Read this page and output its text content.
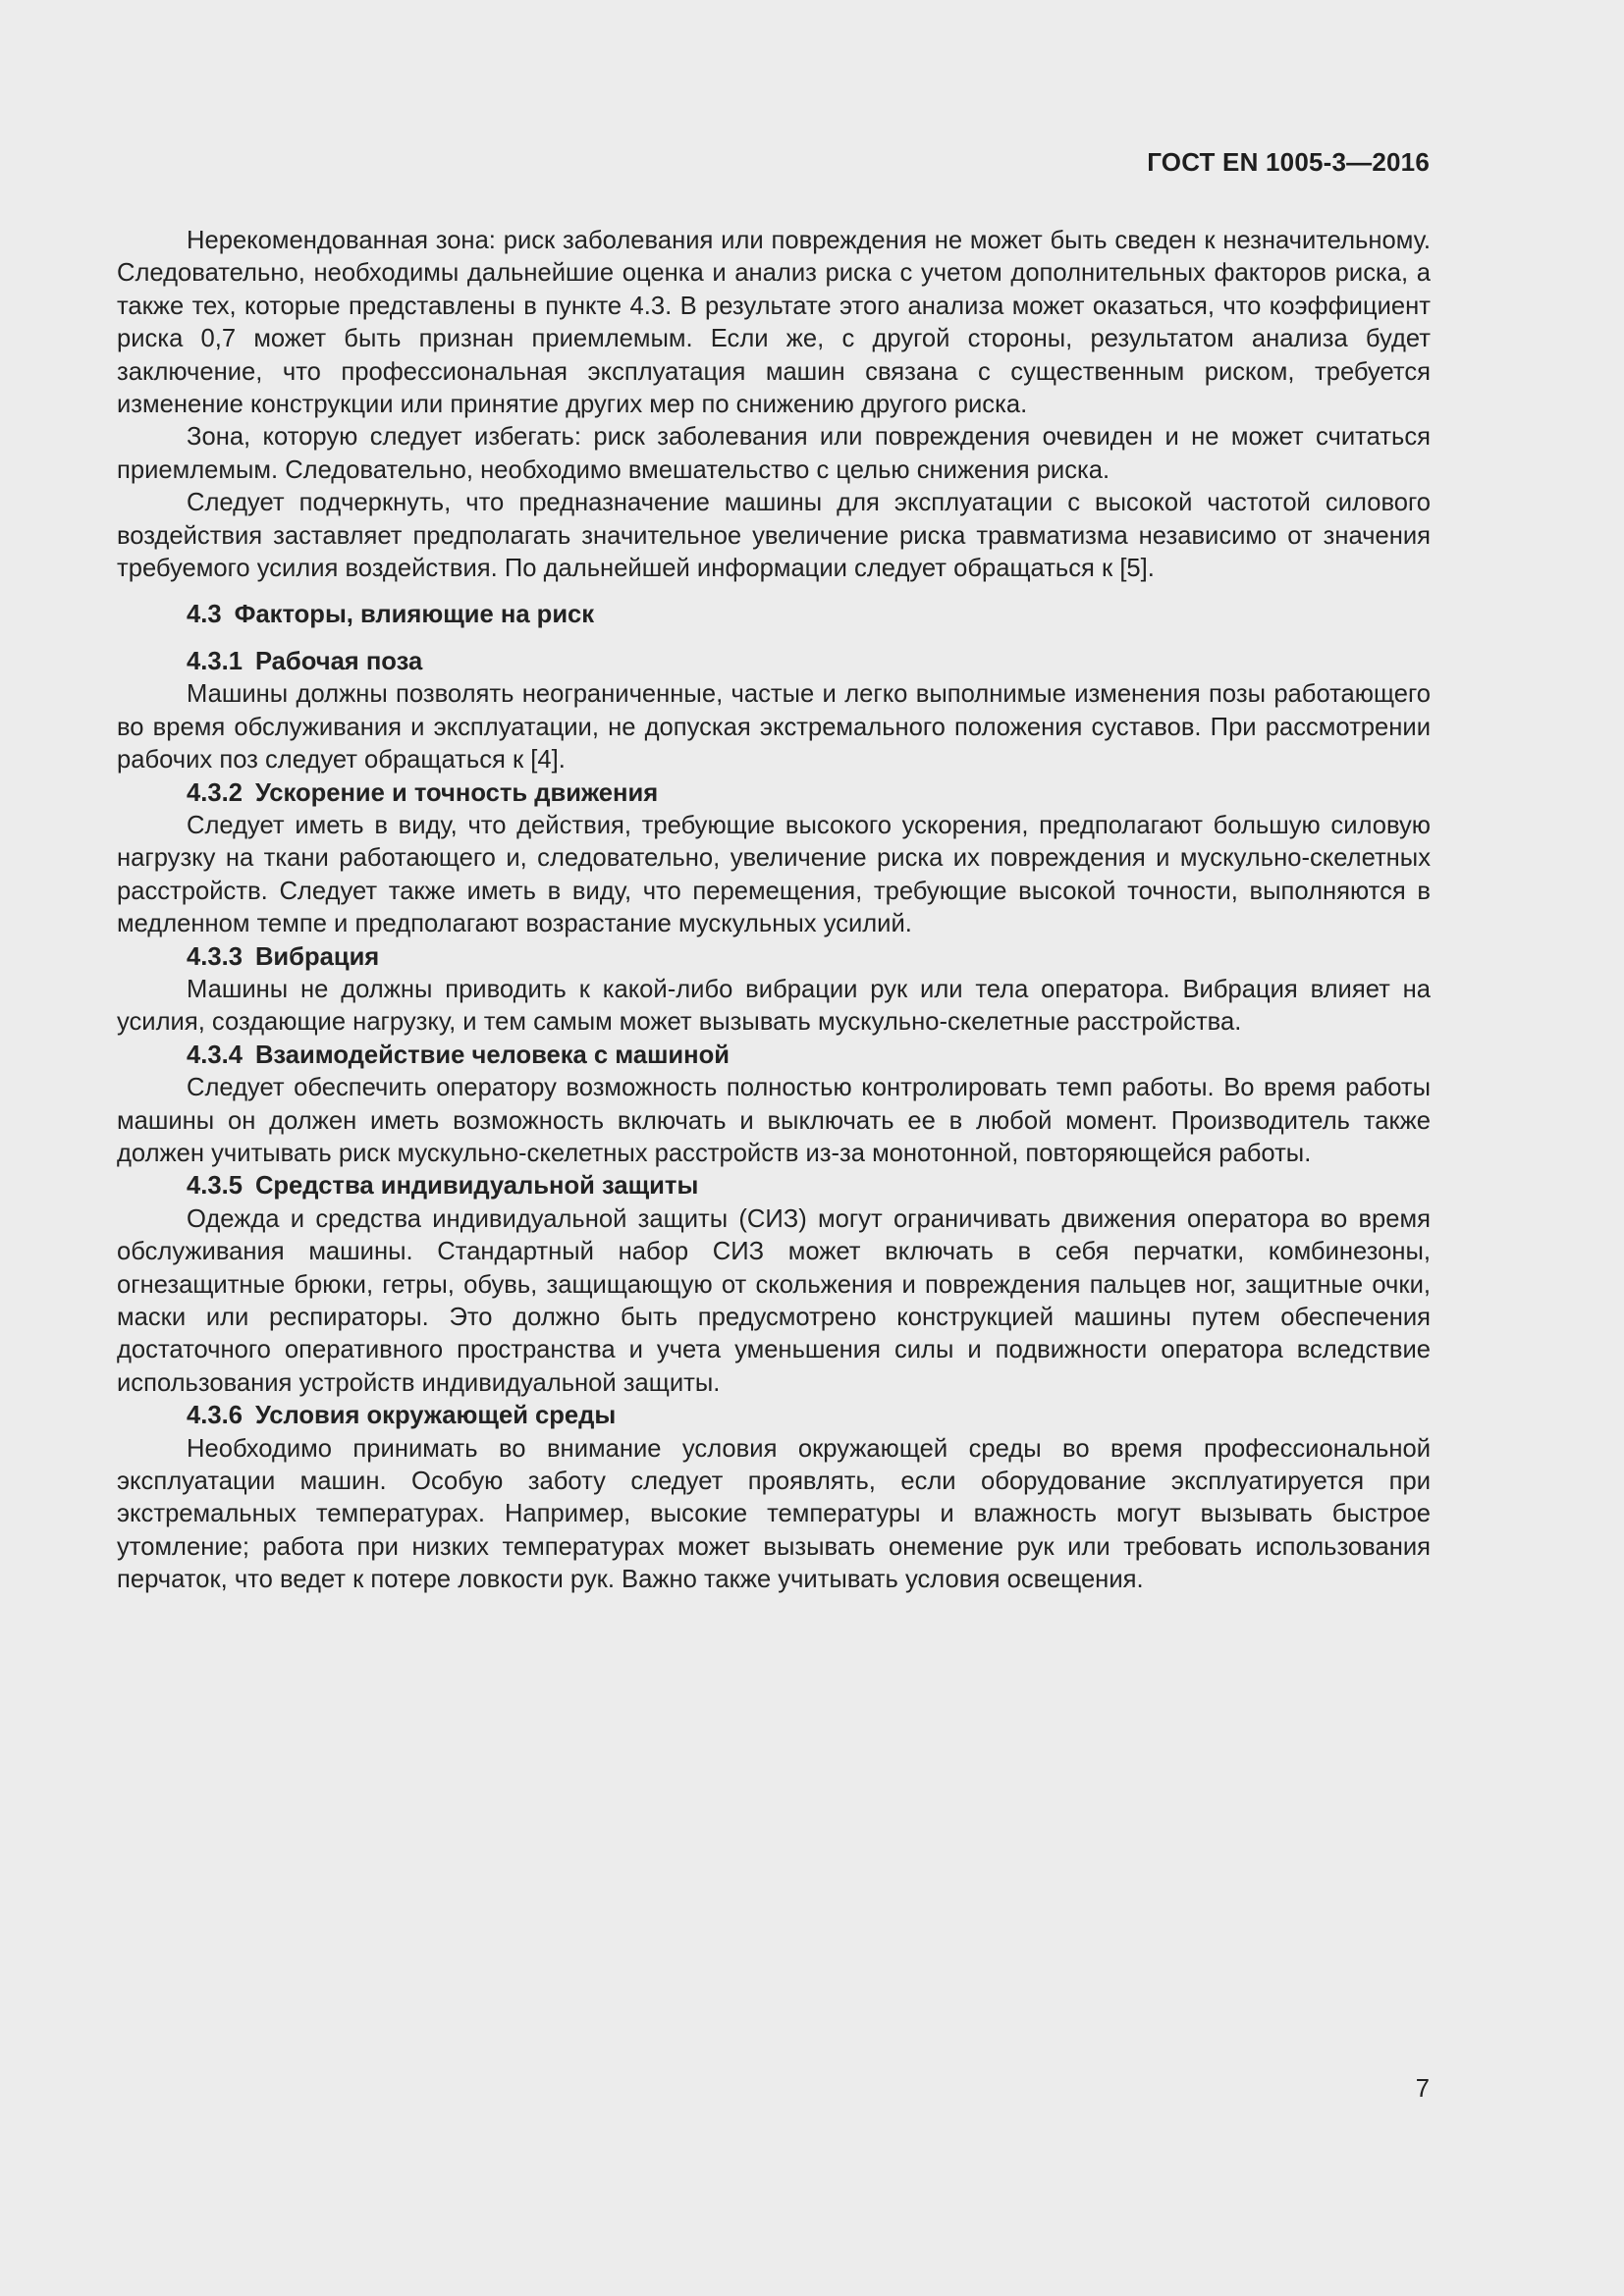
ГОСТ EN 1005-3—2016

Нерекомендованная зона: риск заболевания или повреждения не может быть сведен к незначительному. Следовательно, необходимы дальнейшие оценка и анализ риска с учетом дополнительных факторов риска, а также тех, которые представлены в пункте 4.3. В результате этого анализа может оказаться, что коэффициент риска 0,7 может быть признан приемлемым. Если же, с другой стороны, результатом анализа будет заключение, что профессиональная эксплуатация машин связана с существенным риском, требуется изменение конструкции или принятие других мер по снижению другого риска.

Зона, которую следует избегать: риск заболевания или повреждения очевиден и не может считаться приемлемым. Следовательно, необходимо вмешательство с целью снижения риска.

Следует подчеркнуть, что предназначение машины для эксплуатации с высокой частотой силового воздействия заставляет предполагать значительное увеличение риска травматизма независимо от значения требуемого усилия воздействия. По дальнейшей информации следует обращаться к [5].

4.3 Факторы, влияющие на риск
4.3.1 Рабочая поза

Машины должны позволять неограниченные, частые и легко выполнимые изменения позы работающего во время обслуживания и эксплуатации, не допуская экстремального положения суставов. При рассмотрении рабочих поз следует обращаться к [4].

4.3.2 Ускорение и точность движения

Следует иметь в виду, что действия, требующие высокого ускорения, предполагают большую силовую нагрузку на ткани работающего и, следовательно, увеличение риска их повреждения и мускульно-скелетных расстройств. Следует также иметь в виду, что перемещения, требующие высокой точности, выполняются в медленном темпе и предполагают возрастание мускульных усилий.

4.3.3 Вибрация

Машины не должны приводить к какой-либо вибрации рук или тела оператора. Вибрация влияет на усилия, создающие нагрузку, и тем самым может вызывать мускульно-скелетные расстройства.

4.3.4 Взаимодействие человека с машиной

Следует обеспечить оператору возможность полностью контролировать темп работы. Во время работы машины он должен иметь возможность включать и выключать ее в любой момент. Производитель также должен учитывать риск мускульно-скелетных расстройств из-за монотонной, повторяющейся работы.

4.3.5 Средства индивидуальной защиты

Одежда и средства индивидуальной защиты (СИЗ) могут ограничивать движения оператора во время обслуживания машины. Стандартный набор СИЗ может включать в себя перчатки, комбинезоны, огнезащитные брюки, гетры, обувь, защищающую от скольжения и повреждения пальцев ног, защитные очки, маски или респираторы. Это должно быть предусмотрено конструкцией машины путем обеспечения достаточного оперативного пространства и учета уменьшения силы и подвижности оператора вследствие использования устройств индивидуальной защиты.

4.3.6 Условия окружающей среды

Необходимо принимать во внимание условия окружающей среды во время профессиональной эксплуатации машин. Особую заботу следует проявлять, если оборудование эксплуатируется при экстремальных температурах. Например, высокие температуры и влажность могут вызывать быстрое утомление; работа при низких температурах может вызывать онемение рук или требовать использования перчаток, что ведет к потере ловкости рук. Важно также учитывать условия освещения.

7
